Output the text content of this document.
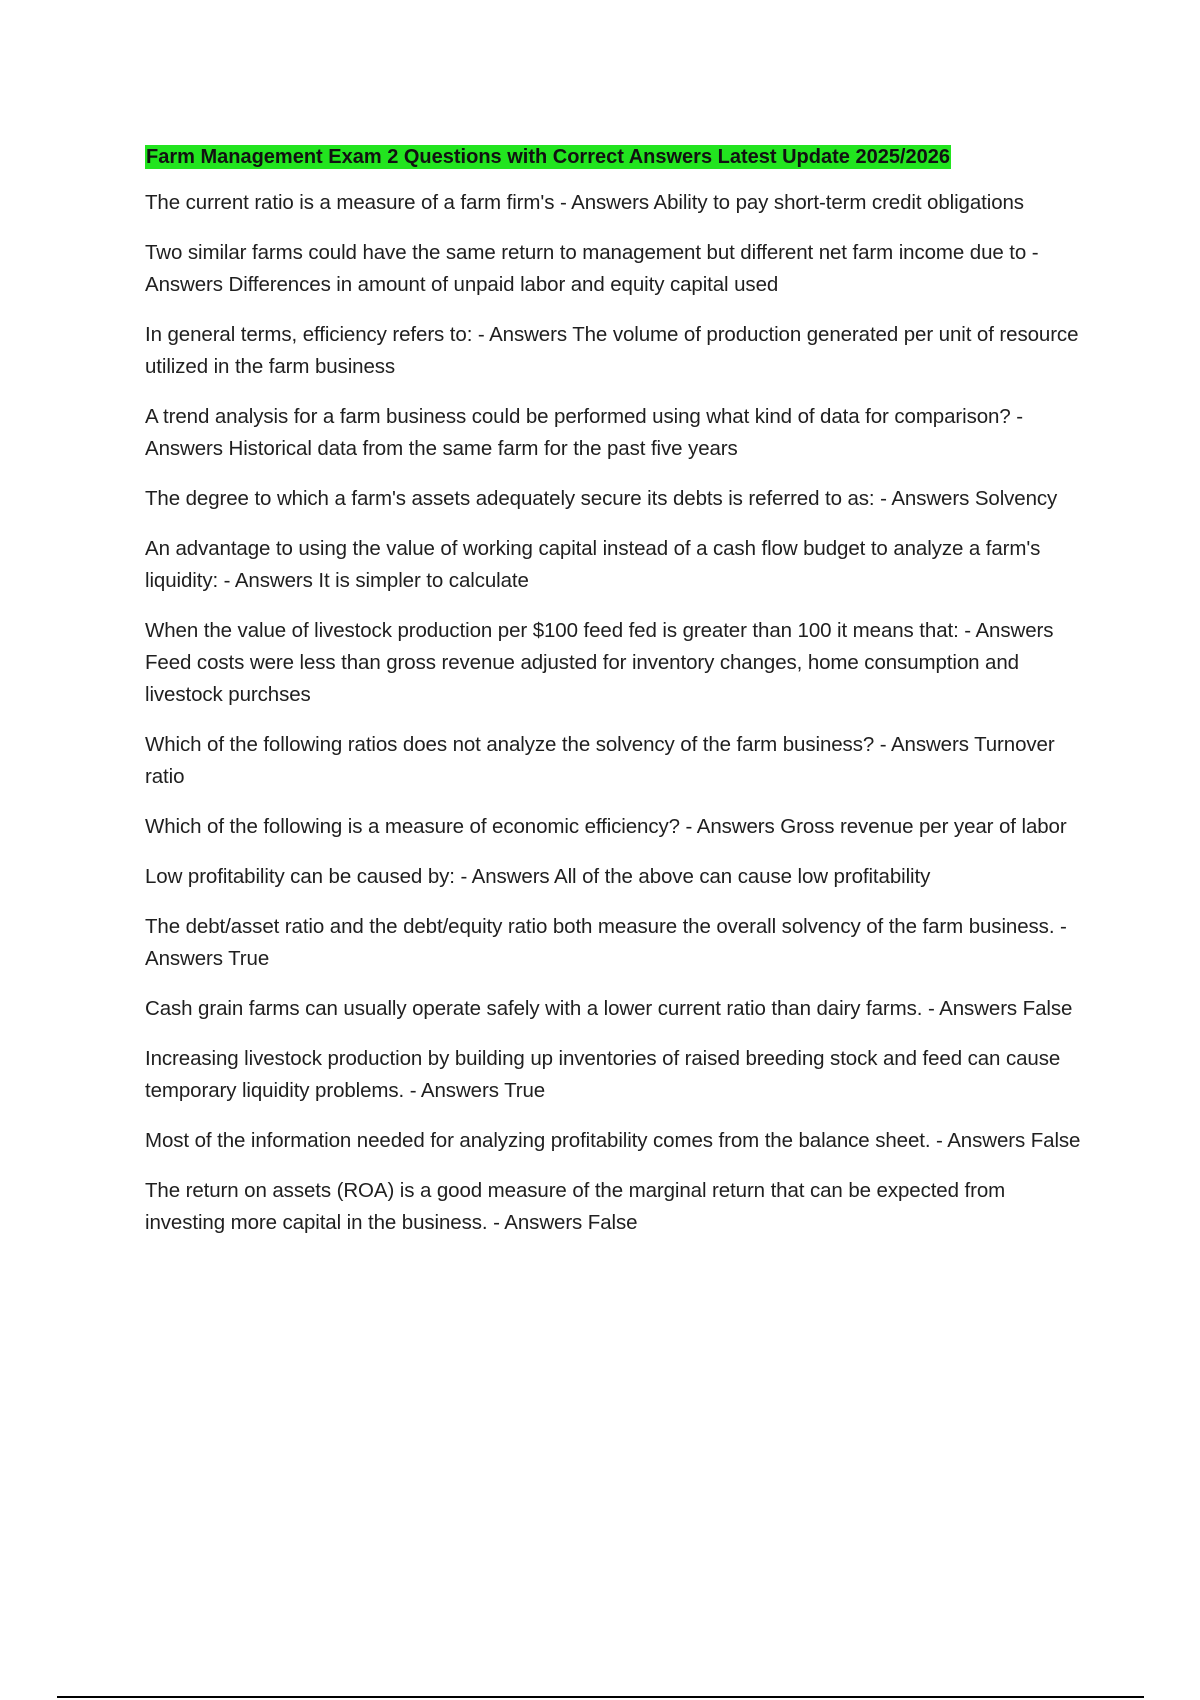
Farm Management Exam 2 Questions with Correct Answers Latest Update 2025/2026

The current ratio is a measure of a farm firm's - Answers Ability to pay short-term credit obligations

Two similar farms could have the same return to management but different net farm income due to - Answers Differences in amount of unpaid labor and equity capital used

In general terms, efficiency refers to: - Answers The volume of production generated per unit of resource utilized in the farm business

A trend analysis for a farm business could be performed using what kind of data for comparison? - Answers Historical data from the same farm for the past five years

The degree to which a farm's assets adequately secure its debts is referred to as: - Answers Solvency

An advantage to using the value of working capital instead of a cash flow budget to analyze a farm's liquidity: - Answers It is simpler to calculate

When the value of livestock production per $100 feed fed is greater than 100 it means that: - Answers Feed costs were less than gross revenue adjusted for inventory changes, home consumption and livestock purchses

Which of the following ratios does not analyze the solvency of the farm business? - Answers Turnover ratio

Which of the following is a measure of economic efficiency? - Answers Gross revenue per year of labor

Low profitability can be caused by: - Answers All of the above can cause low profitability

The debt/asset ratio and the debt/equity ratio both measure the overall solvency of the farm business. - Answers True

Cash grain farms can usually operate safely with a lower current ratio than dairy farms. - Answers False

Increasing livestock production by building up inventories of raised breeding stock and feed can cause temporary liquidity problems. - Answers True

Most of the information needed for analyzing profitability comes from the balance sheet. - Answers False

The return on assets (ROA) is a good measure of the marginal return that can be expected from investing more capital in the business. - Answers False
